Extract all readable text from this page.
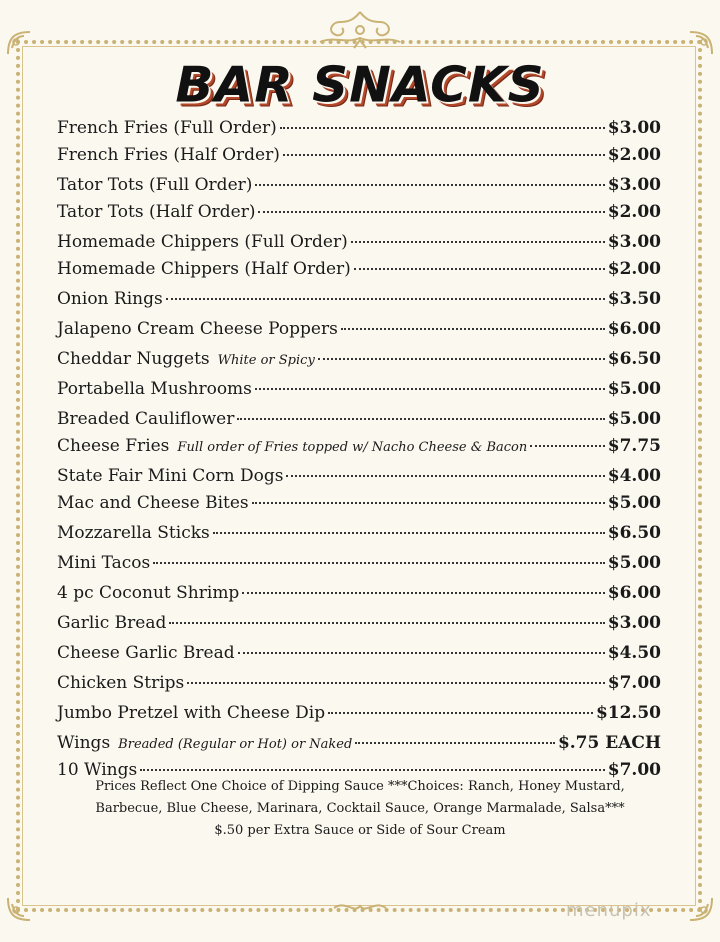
BAR SNACKS
French Fries (Full Order)	$3.00
French Fries (Half Order)	$2.00
Tator Tots (Full Order)	$3.00
Tator Tots (Half Order)	$2.00
Homemade Chippers (Full Order)	$3.00
Homemade Chippers (Half Order)	$2.00
Onion Rings	$3.50
Jalapeno Cream Cheese Poppers	$6.00
Cheddar Nuggets White or Spicy	$6.50
Portabella Mushrooms	$5.00
Breaded Cauliflower	$5.00
Cheese Fries Full order of Fries topped w/ Nacho Cheese & Bacon	$7.75
State Fair Mini Corn Dogs	$4.00
Mac and Cheese Bites	$5.00
Mozzarella Sticks	$6.50
Mini Tacos	$5.00
4 pc Coconut Shrimp	$6.00
Garlic Bread	$3.00
Cheese Garlic Bread	$4.50
Chicken Strips	$7.00
Jumbo Pretzel with Cheese Dip	$12.50
Wings Breaded (Regular or Hot) or Naked	$.75 EACH
10 Wings	$7.00
Prices Reflect One Choice of Dipping Sauce ***Choices: Ranch, Honey Mustard,
Barbecue, Blue Cheese, Marinara, Cocktail Sauce, Orange Marmalade, Salsa***
$.50 per Extra Sauce or Side of Sour Cream
menupix
